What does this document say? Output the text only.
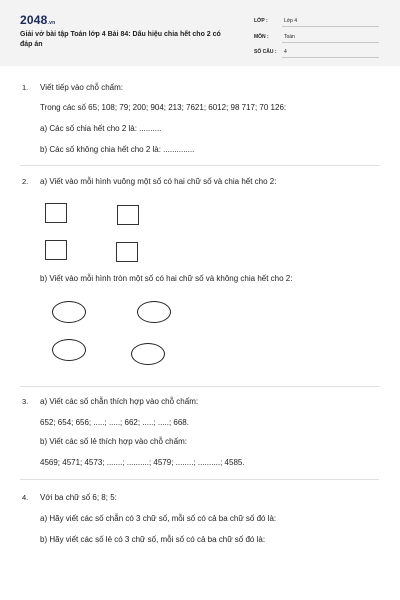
2048.vn
Giải vở bài tập Toán lớp 4 Bài 84: Dấu hiệu chia hết cho 2 có đáp án
LỚP :	Lớp 4
MÔN :	Toán
SỐ CÂU : 4
1. Viết tiếp vào chỗ chấm:
Trong các số 65; 108; 79; 200; 904; 213; 7621; 6012; 98 717; 70 126:
a) Các số chia hết cho 2 là: ..........
b) Các số không chia hết cho 2 là: ..............
2. a) Viết vào mỗi hình vuông một số có hai chữ số và chia hết cho 2:
b) Viết vào mỗi hình tròn một số có hai chữ số và không chia hết cho 2:
3. a) Viết các số chẵn thích hợp vào chỗ chấm:
652; 654; 656; .....; .....; 662; .....; .....; 668.
b) Viết các số lẻ thích hợp vào chỗ chấm:
4569; 4571; 4573; .......; ..........; 4579; ........; ..........; 4585.
4. Với ba chữ số 6; 8; 5:
a) Hãy viết các số chẵn có 3 chữ số, mỗi số có cả ba chữ số đó là:
b) Hãy viết các số lẻ có 3 chữ số, mỗi số có cả ba chữ số đó là:
